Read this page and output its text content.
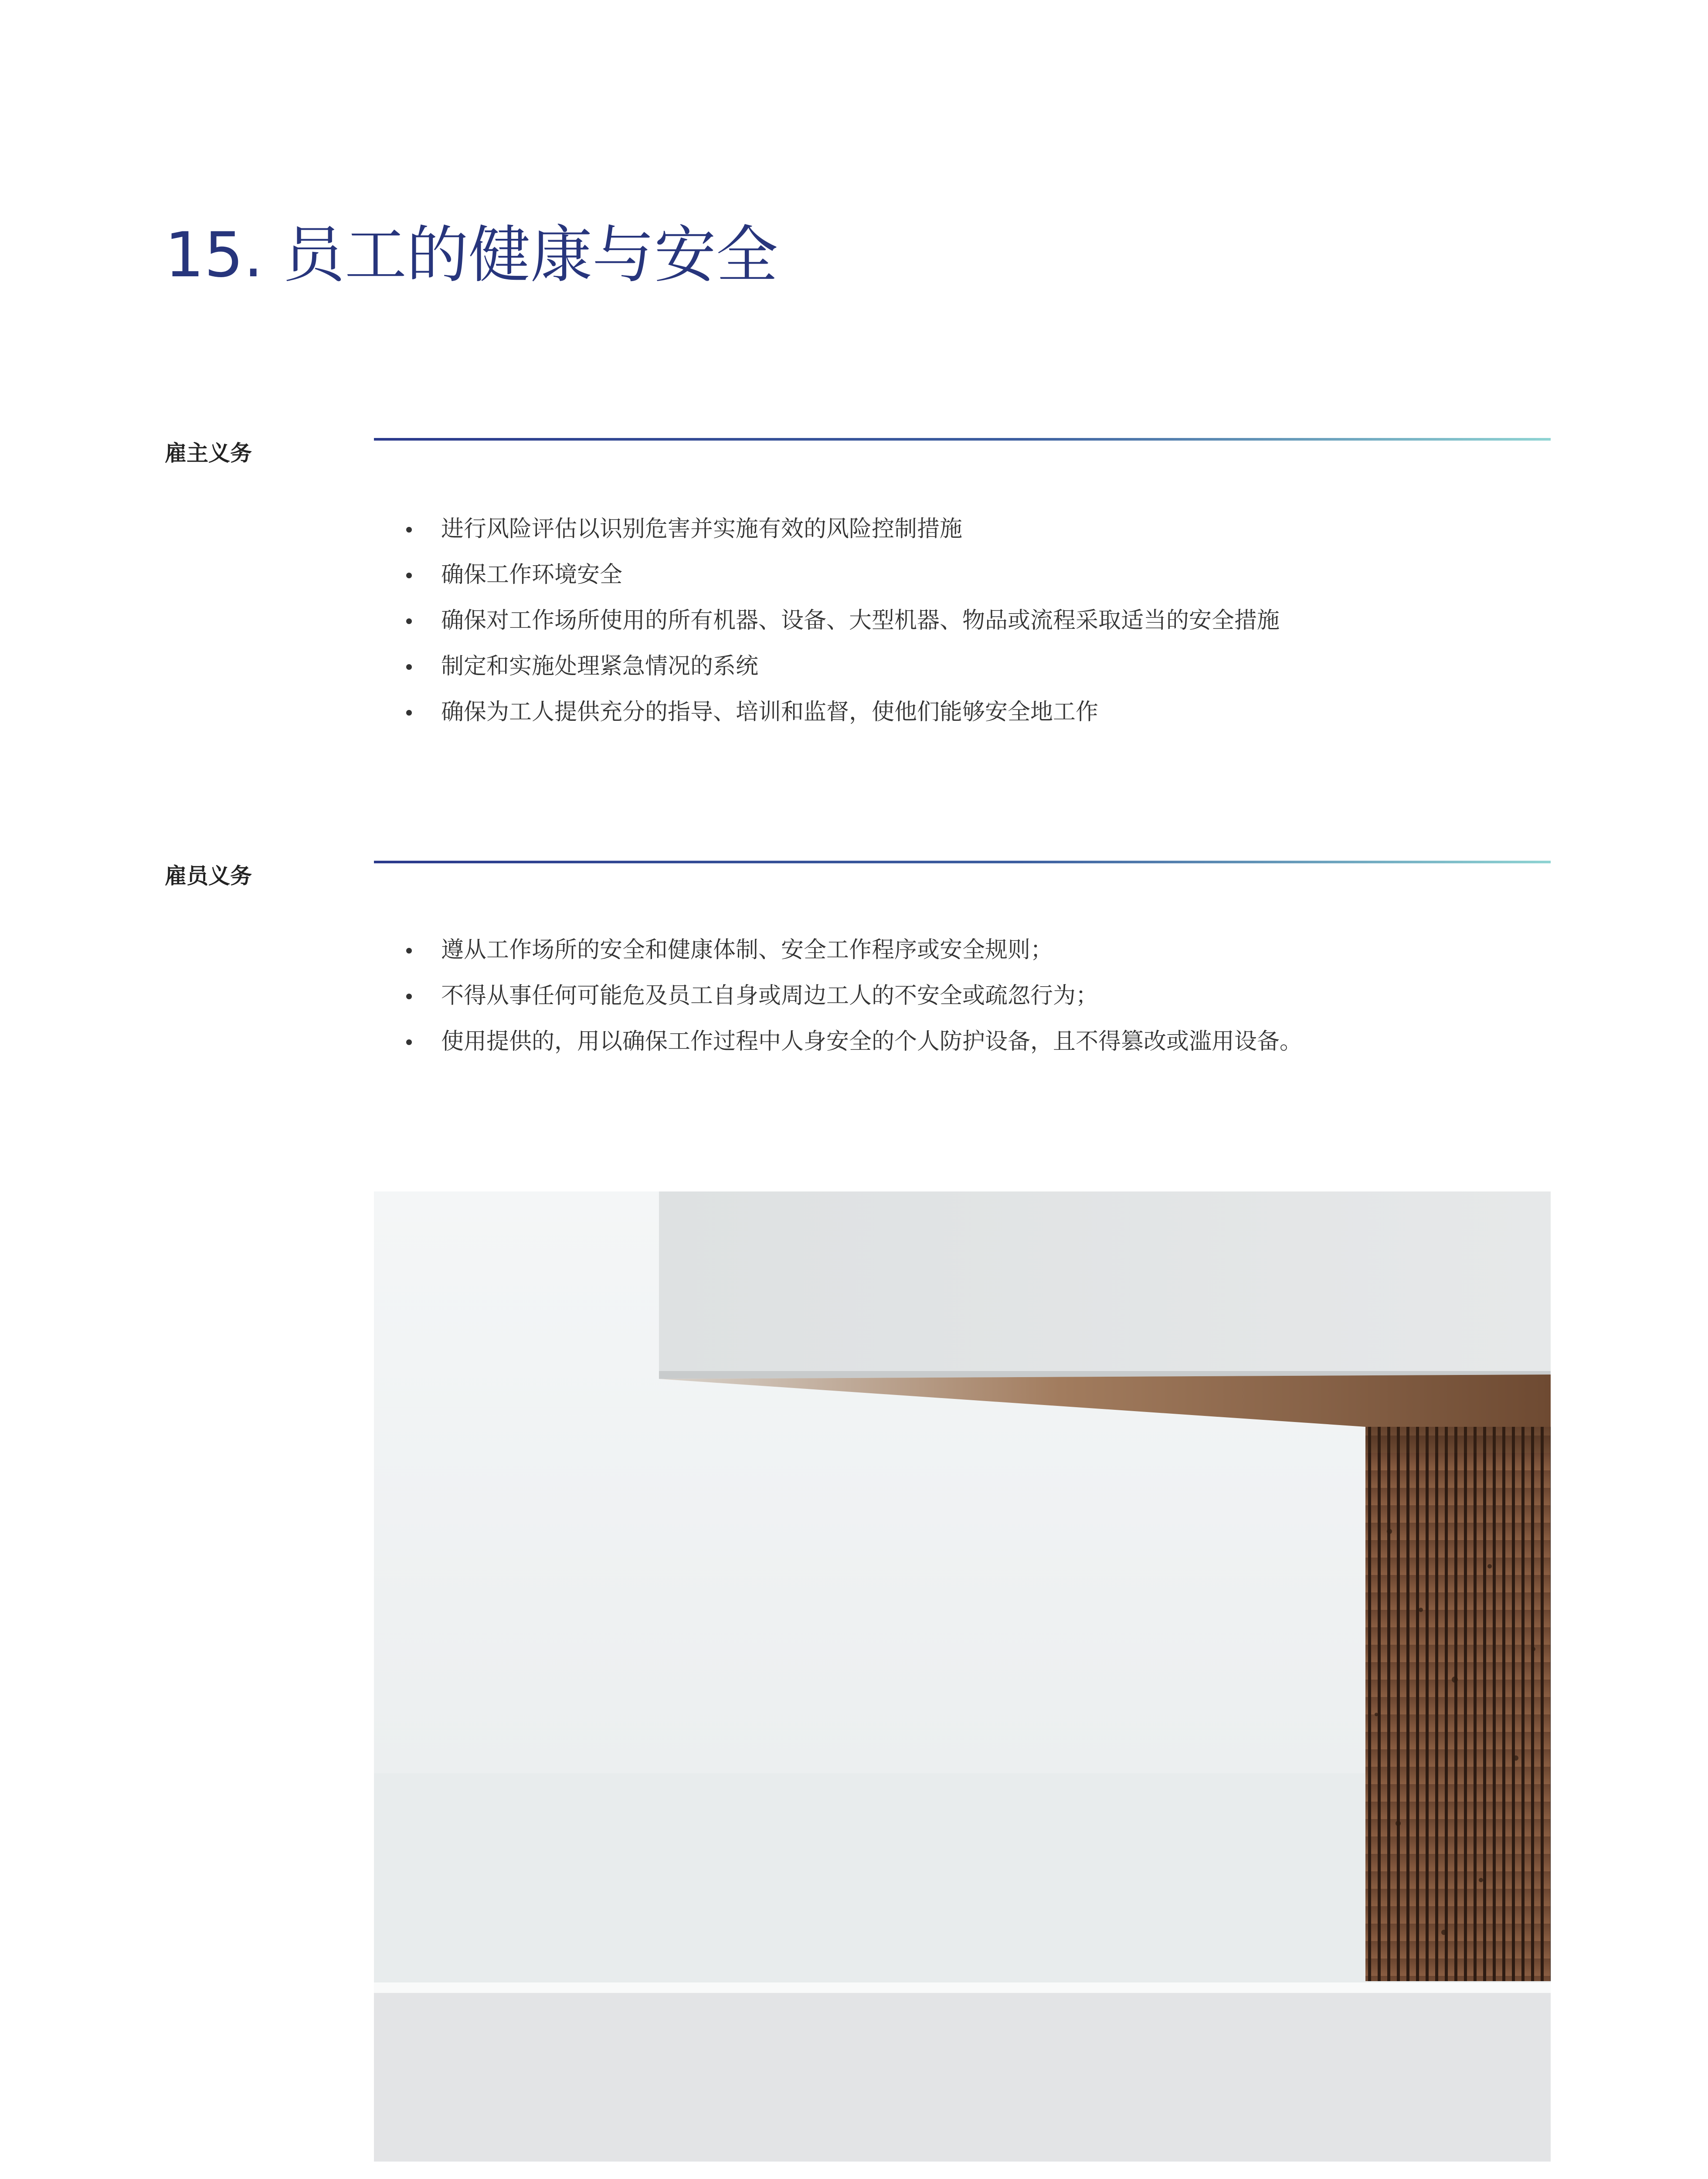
15. 员工的健康与安全
雇主义务
进行风险评估以识别危害并实施有效的风险控制措施
确保工作环境安全
确保对工作场所使用的所有机器、设备、大型机器、物品或流程采取适当的安全措施
制定和实施处理紧急情况的系统
确保为工人提供充分的指导、培训和监督，使他们能够安全地工作
雇员义务
遵从工作场所的安全和健康体制、安全工作程序或安全规则；
不得从事任何可能危及员工自身或周边工人的不安全或疏忽行为；
使用提供的，用以确保工作过程中人身安全的个人防护设备，且不得篡改或滥用设备。
